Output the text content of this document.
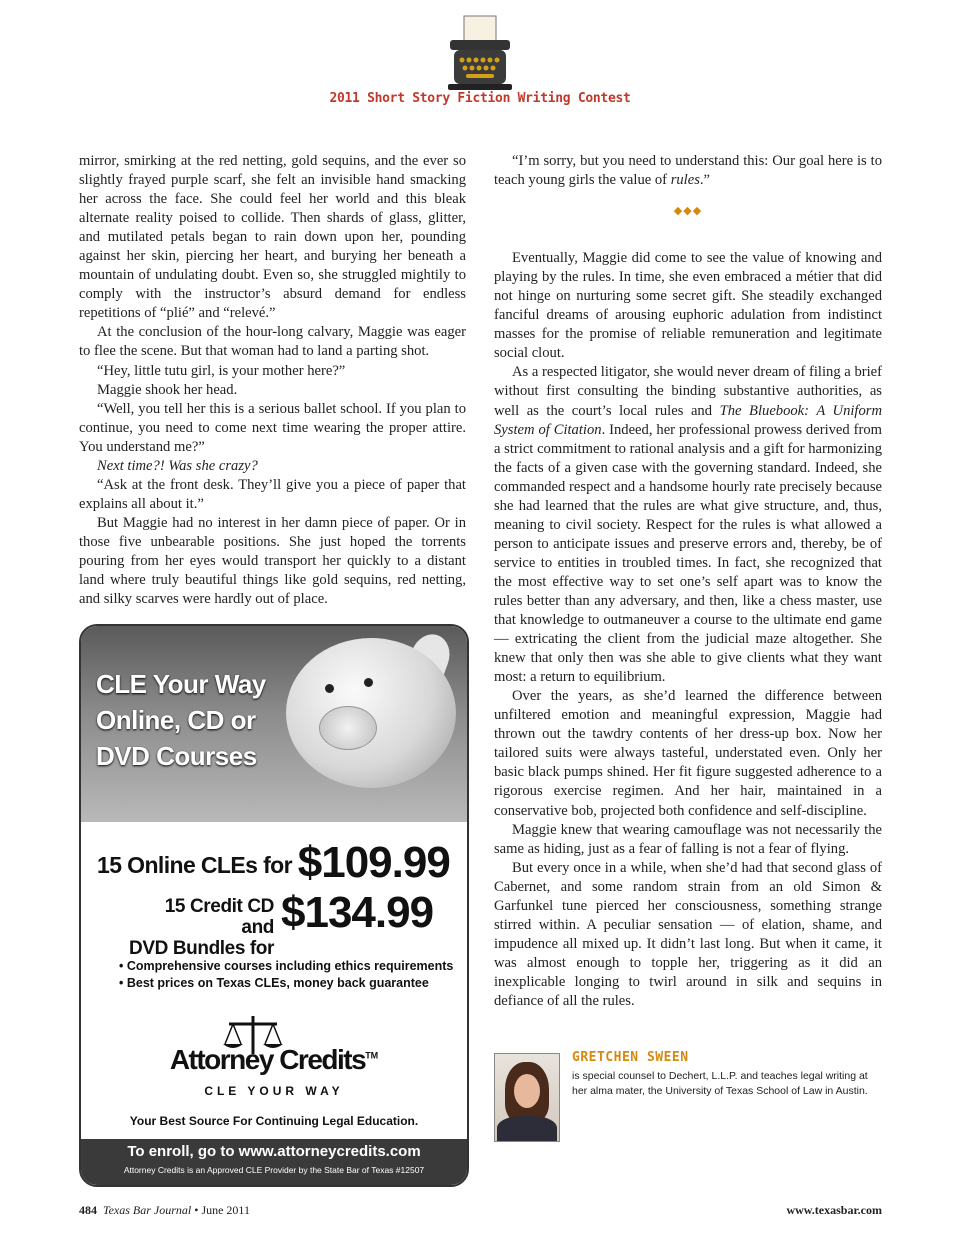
2011 Short Story Fiction Writing Contest

mirror, smirking at the red netting, gold sequins, and the ever so slightly frayed purple scarf, she felt an invisible hand smacking her across the face. She could feel her world and this bleak alternate reality poised to collide. Then shards of glass, glitter, and mutilated petals began to rain down upon her, pounding against her skin, piercing her heart, and burying her beneath a mountain of undulating doubt. Even so, she struggled mightily to comply with the instructor’s absurd demand for endless repetitions of “plié” and “relevé.”

At the conclusion of the hour-long calvary, Maggie was eager to flee the scene. But that woman had to land a parting shot.

“Hey, little tutu girl, is your mother here?”

Maggie shook her head.

“Well, you tell her this is a serious ballet school. If you plan to continue, you need to come next time wearing the proper attire. You understand me?”

Next time?! Was she crazy?

“Ask at the front desk. They’ll give you a piece of paper that explains all about it.”

But Maggie had no interest in her damn piece of paper. Or in those five unbearable positions. She just hoped the torrents pouring from her eyes would transport her quickly to a distant land where truly beautiful things like gold sequins, red netting, and silky scarves were hardly out of place.

“I’m sorry, but you need to understand this: Our goal here is to teach young girls the value of rules.”

◆◆◆

Eventually, Maggie did come to see the value of knowing and playing by the rules. In time, she even embraced a métier that did not hinge on nurturing some secret gift. She steadily exchanged fanciful dreams of arousing euphoric adulation from indistinct masses for the promise of reliable remuneration and legitimate social clout.

As a respected litigator, she would never dream of filing a brief without first consulting the binding substantive authorities, as well as the court’s local rules and The Bluebook: A Uniform System of Citation. Indeed, her professional prowess derived from a strict commitment to rational analysis and a gift for harmonizing the facts of a given case with the governing standard. Indeed, she commanded respect and a handsome hourly rate precisely because she had learned that the rules are what give structure, and, thus, meaning to civil society. Respect for the rules is what allowed a person to anticipate issues and preserve errors and, thereby, be of service to entities in troubled times. In fact, she recognized that the most effective way to set one’s self apart was to know the rules better than any adversary, and then, like a chess master, use that knowledge to outmaneuver a course to the ultimate end game — extricating the client from the judicial maze altogether. She knew that only then was she able to give clients what they want most: a return to equilibrium.

Over the years, as she’d learned the difference between unfiltered emotion and meaningful expression, Maggie had thrown out the tawdry contents of her dress-up box. Now her tailored suits were always tasteful, understated even. Only her basic black pumps shined. Her fit figure suggested adherence to a rigorous exercise regimen. And her hair, maintained in a conservative bob, projected both confidence and self-discipline.

Maggie knew that wearing camouflage was not necessarily the same as hiding, just as a fear of falling is not a fear of flying.

But every once in a while, when she’d had that second glass of Cabernet, and some random strain from an old Simon & Garfunkel tune pierced her consciousness, something strange stirred within. A peculiar sensation — of elation, shame, and impudence all mixed up. It didn’t last long. But when it came, it was almost enough to topple her, triggering as it did an inexplicable longing to twirl around in silk and sequins in defiance of all the rules.

CLE Your Way
Online, CD or
DVD Courses
15 Online CLEs for $109.99
15 Credit CD and
DVD Bundles for
$134.99
• Comprehensive courses including ethics requirements
• Best prices on Texas CLEs, money back guarantee
Attorney Credits™
CLE YOUR WAY
Your Best Source For Continuing Legal Education.
To enroll, go to www.attorneycredits.com
Attorney Credits is an Approved CLE Provider by the State Bar of Texas #12507
GRETCHEN SWEEN
is special counsel to Dechert, L.L.P. and teaches legal writing at her alma mater, the University of Texas School of Law in Austin.
484 Texas Bar Journal • June 2011	www.texasbar.com
